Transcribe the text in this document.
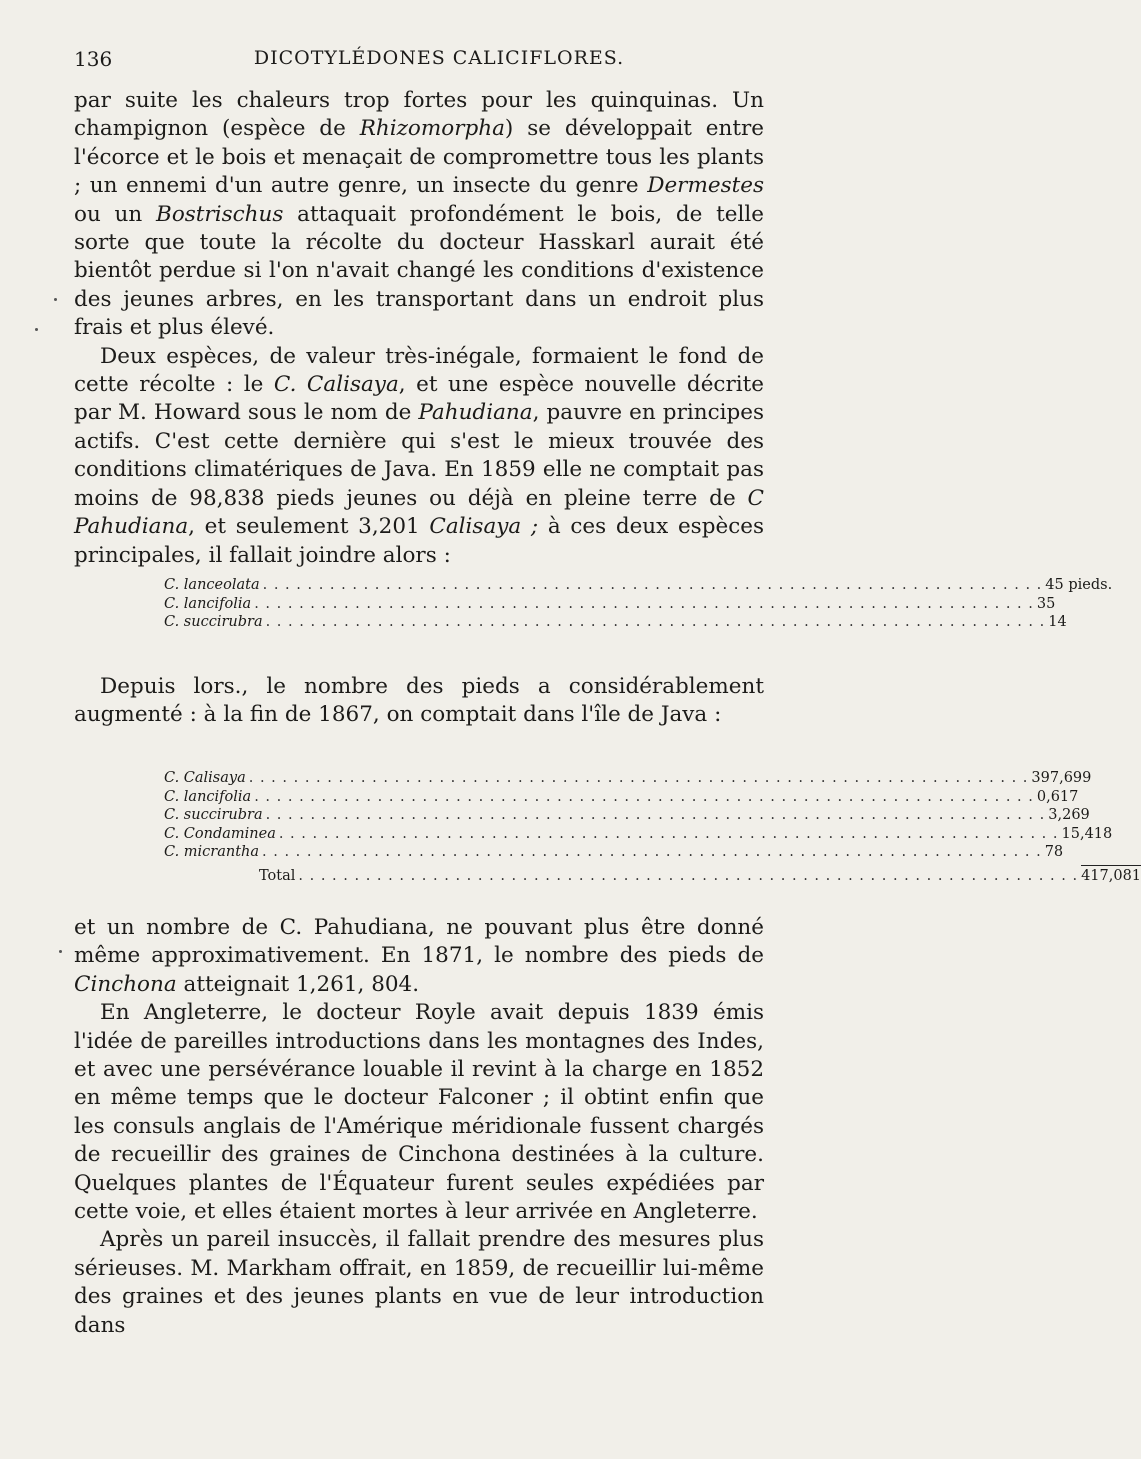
136	DICOTYLÉDONES CALICIFLORES.

par suite les chaleurs trop fortes pour les quinquinas. Un champignon (espèce de Rhizomorpha) se développait entre l'écorce et le bois et menaçait de compromettre tous les plants ; un ennemi d'un autre genre, un insecte du genre Dermestes ou un Bostrischus attaquait profondément le bois, de telle sorte que toute la récolte du docteur Hasskarl aurait été bientôt perdue si l'on n'avait changé les conditions d'existence des jeunes arbres, en les transportant dans un endroit plus frais et plus élevé.

Deux espèces, de valeur très-inégale, formaient le fond de cette récolte : le C. Calisaya, et une espèce nouvelle décrite par M. Howard sous le nom de Pahudiana, pauvre en principes actifs. C'est cette dernière qui s'est le mieux trouvée des conditions climatériques de Java. En 1859 elle ne comptait pas moins de 98,838 pieds jeunes ou déjà en pleine terre de C Pahudiana, et seulement 3,201 Calisaya ; à ces deux espèces principales, il fallait joindre alors :

C. lanceolata . . . . . . . . . . . . . . . . . . . . . . . . . . . . . . . . . . . . . . . . . . . . . . . . . . . . . . . . . . . . . . . . . . . . . . 45 pieds.
C. lancifolia . . . . . . . . . . . . . . . . . . . . . . . . . . . . . . . . . . . . . . . . . . . . . . . . . . . . . . . . . . . . . . . . . . . . . . 35
C. succirubra . . . . . . . . . . . . . . . . . . . . . . . . . . . . . . . . . . . . . . . . . . . . . . . . . . . . . . . . . . . . . . . . . . . . . . 14

Depuis lors., le nombre des pieds a considérablement augmenté : à la fin de 1867, on comptait dans l'île de Java :

C. Calisaya . . . . . . . . . . . . . . . . . . . . . . . . . . . . . . . . . . . . . . . . . . . . . . . . . . . . . . . . . . . . . . . . . . . . . . 397,699
C. lancifolia . . . . . . . . . . . . . . . . . . . . . . . . . . . . . . . . . . . . . . . . . . . . . . . . . . . . . . . . . . . . . . . . . . . . . . 0,617
C. succirubra . . . . . . . . . . . . . . . . . . . . . . . . . . . . . . . . . . . . . . . . . . . . . . . . . . . . . . . . . . . . . . . . . . . . . . 3,269
C. Condaminea . . . . . . . . . . . . . . . . . . . . . . . . . . . . . . . . . . . . . . . . . . . . . . . . . . . . . . . . . . . . . . . . . . . . . . 15,418
C. micrantha . . . . . . . . . . . . . . . . . . . . . . . . . . . . . . . . . . . . . . . . . . . . . . . . . . . . . . . . . . . . . . . . . . . . . . 78
Total . . . . . . . . . . . . . . . . . . . . . . . . . . . . . . . . . . . . . . . . . . . . . . . . . . . . . . . . . . . . . . . . . . . . . . 417,081

et un nombre de C. Pahudiana, ne pouvant plus être donné même approximativement. En 1871, le nombre des pieds de Cinchona atteignait 1,261, 804.

En Angleterre, le docteur Royle avait depuis 1839 émis l'idée de pareilles introductions dans les montagnes des Indes, et avec une persévérance louable il revint à la charge en 1852 en même temps que le docteur Falconer ; il obtint enfin que les consuls anglais de l'Amérique méridionale fussent chargés de recueillir des graines de Cinchona destinées à la culture. Quelques plantes de l'Équateur furent seules expédiées par cette voie, et elles étaient mortes à leur arrivée en Angleterre.

Après un pareil insuccès, il fallait prendre des mesures plus sérieuses. M. Markham offrait, en 1859, de recueillir lui-même des graines et des jeunes plants en vue de leur introduction dans
